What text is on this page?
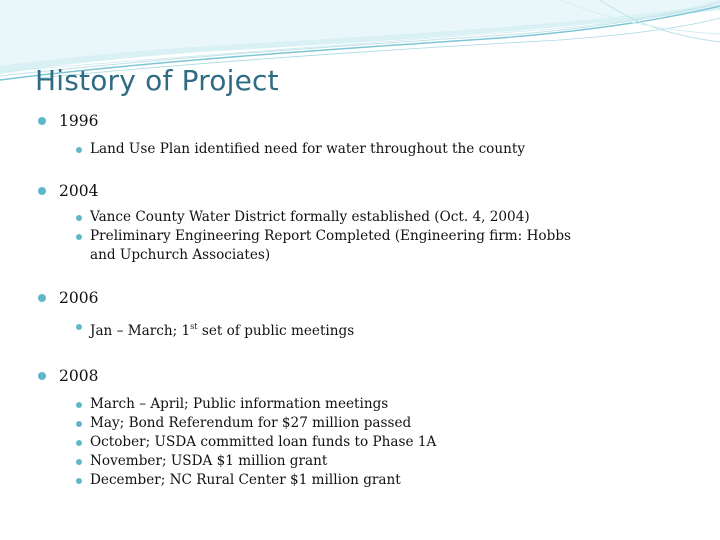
History of Project
1996
Land Use Plan identified need for water throughout the county
2004
Vance County Water District formally established (Oct. 4, 2004)
Preliminary Engineering Report Completed (Engineering firm: Hobbs and Upchurch Associates)
2006
Jan – March; 1st set of public meetings
2008
March – April; Public information meetings
May; Bond Referendum for $27 million passed
October; USDA committed loan funds to Phase 1A
November; USDA $1 million grant
December; NC Rural Center $1 million grant
